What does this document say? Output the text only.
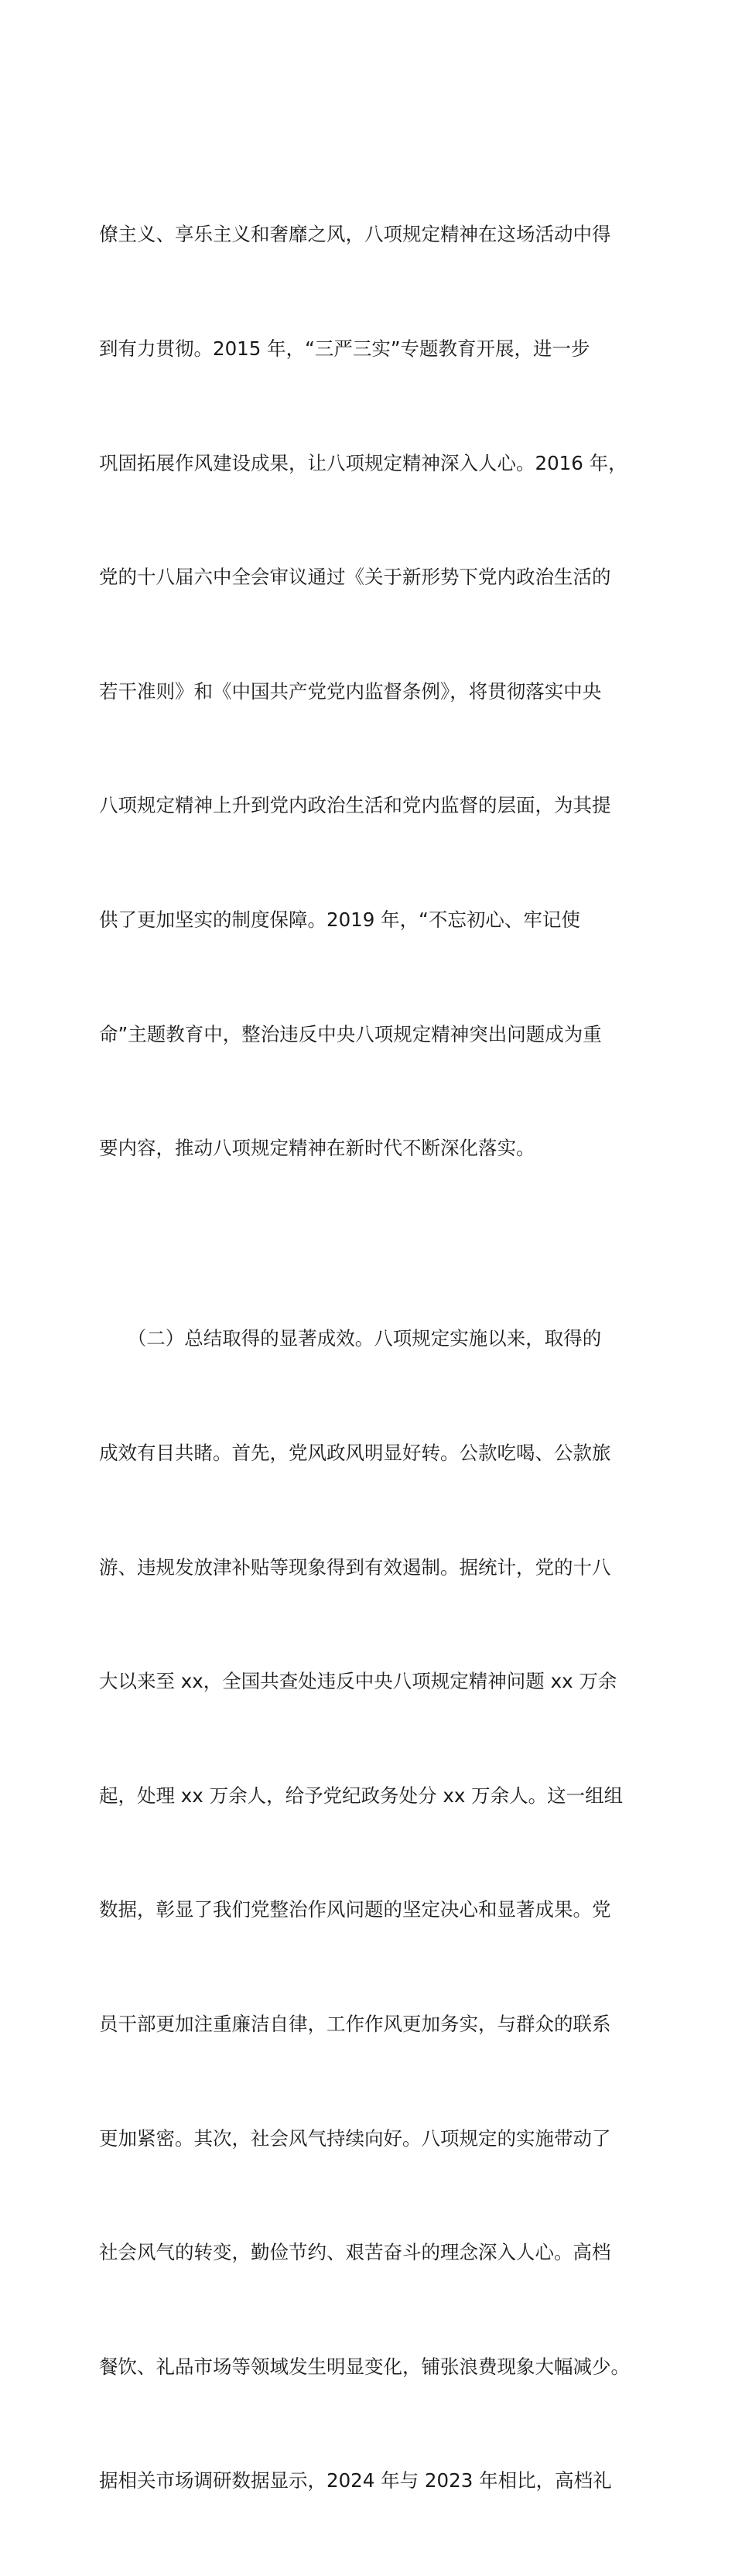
僚主义、享乐主义和奢靡之风，八项规定精神在这场活动中得

到有力贯彻。2015 年，“三严三实”专题教育开展，进一步

巩固拓展作风建设成果，让八项规定精神深入人心。2016 年，

党的十八届六中全会审议通过《关于新形势下党内政治生活的

若干准则》和《中国共产党党内监督条例》，将贯彻落实中央

八项规定精神上升到党内政治生活和党内监督的层面，为其提

供了更加坚实的制度保障。2019 年，“不忘初心、牢记使

命”主题教育中，整治违反中央八项规定精神突出问题成为重

要内容，推动八项规定精神在新时代不断深化落实。

　　（二）总结取得的显著成效。八项规定实施以来，取得的

成效有目共睹。首先，党风政风明显好转。公款吃喝、公款旅

游、违规发放津补贴等现象得到有效遏制。据统计，党的十八

大以来至 xx，全国共查处违反中央八项规定精神问题 xx 万余

起，处理 xx 万余人，给予党纪政务处分 xx 万余人。这一组组

数据，彰显了我们党整治作风问题的坚定决心和显著成果。党

员干部更加注重廉洁自律，工作作风更加务实，与群众的联系

更加紧密。其次，社会风气持续向好。八项规定的实施带动了

社会风气的转变，勤俭节约、艰苦奋斗的理念深入人心。高档

餐饮、礼品市场等领域发生明显变化，铺张浪费现象大幅减少。

据相关市场调研数据显示，2024 年与 2023 年相比，高档礼
